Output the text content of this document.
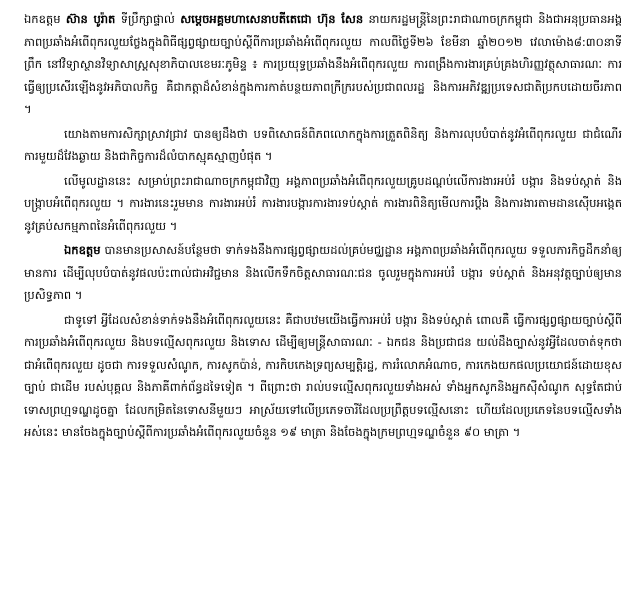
ឯកឧត្តម ស៊ាន បូរ៉ាត ទីប្រឹក្សាផ្ទាល់ សម្ដេចអគ្គមហាសេនាបតីតេជោ ហ៊ុន សែន នាយករដ្ឋមន្ត្រីនៃព្រះរាជាណាចក្រកម្ពុជា និងជាអនុប្រធានអង្គភាពប្រឆាំងអំពើពុករលួយថ្លែងក្នុងពិធីផ្សព្វផ្សាយច្បាប់ស្ដីពីការប្រឆាំងអំពើពុករលួយ កាលពីថ្ងៃទី២៦ ខែមីនា ឆ្នាំ២០១២ វេលាម៉ោង៨:៣០នាទីព្រឹក នៅវិទ្យាស្ថានវិទ្យាសាស្ត្រសុខាភិបាលខេមរៈភូមិន្ទ ៖ ការប្រយុទ្ធប្រឆាំងនឹងអំពើពុករលួយ ការពង្រឹងការងារគ្រប់គ្រងហិរញ្ញវត្ថុសាធារណៈ ការធ្វើឲ្យប្រសើរឡើងនូវអភិបាលកិច្ច គឺជាកត្តាដ៏សំខាន់ក្នុងការកាត់បន្ថយភាពក្រីក្ររបស់ប្រជាពលរដ្ឋ និងការអភិវឌ្ឍប្រទេសជាតិប្រកបដោយចីរភាព ។

យោងតាមការសិក្សាស្រាវជ្រាវ បានឲ្យដឹងថា បទពិសោធន៍ពិភពលោកក្នុងការត្រួតពិនិត្យ និងការលុបបំបាត់នូវអំពើពុករលួយ ជាជំណើរការមួយដ៏វែងឆ្ងាយ និងជាកិច្ចការដ៏លំបាកស្មុគស្មាញបំផុត ។

លើមូលដ្ឋាននេះ សម្រាប់ព្រះរាជាណាចក្រកម្ពុជាវិញ អង្គភាពប្រឆាំងអំពើពុករលួយគ្រូបដណ្ដប់លើការងារអប់រំ បង្ការ និងទប់ស្កាត់ និងបង្ក្រាបអំពើពុករលួយ ។ ការងារនេះរួមមាន ការងារអប់រំ ការងារបង្ការការងារទប់ស្កាត់ ការងារពិនិត្យមើលការប្ដឹង និងការងារតាមដានស៊ើបអង្កេតនូវគ្រប់សកម្មភាពនៃអំពើពុករលួយ ។

ឯកឧត្តម បានមានប្រសាសន៍បន្ថែមថា ទាក់ទងនឹងការផ្សព្វផ្សាយដល់គ្រប់មជ្ឈដ្ឋាន អង្គភាពប្រឆាំងអំពើពុករលួយ ទទួលភារកិច្ចដឹកនាំឲ្យមានការ ដើម្បីលុបបំបាត់នូវផលប៉ះពាល់ជាអវិជ្ជមាន និងលើកទឹកចិត្តសាធារណៈជន ចូលរួមក្នុងការអប់រំ បង្ការ ទប់ស្កាត់ និងអនុវត្តច្បាប់ឲ្យមានប្រសិទ្ធភាព ។

ជាទូទៅ អ្វីដែលសំខាន់ទាក់ទងនឹងអំពើពុករលួយនេះ គឺជាបឋមយើងធ្វើការអប់រំ បង្ការ និងទប់ស្កាត់ ពោលគឺ ធ្វើការផ្សព្វផ្សាយច្បាប់ស្ដីពីការប្រឆាំងអំពើពុករលួយ និងបទល្មើសពុករលួយ និងទោស ដើម្បីឲ្យមន្ត្រីសាធារណៈ - ឯកជន និងប្រជាជន យល់ដឹងច្បាស់នូវអ្វីដែលចាត់ទុកថាជាអំពើពុករលួយ ដូចជា ការទទួលសំណូក, ការសូកប៉ាន់, ការកិបកេងទ្រព្យសម្បត្តិរដ្ឋ, ការរំលោភអំណាច, ការកេងយកផលប្រយោជន៍ដោយខុសច្បាប់ ជាដើម របស់បុគ្គល និងភាគីពាក់ព័ន្ធដទៃទៀត ។ ពីព្រោះថា រាល់បទល្មើសពុករលួយទាំងអស់ ទាំងអ្នកសូកនិងអ្នកស៊ីសំណូក សុទ្ធតែជាប់ទោសព្រហ្មទណ្ឌដូចគ្នា ដែលកម្រិតនៃទោសនីមួយៗ អាស្រ័យទៅលើប្រភេទចារីដែលប្រព្រឹត្តបទល្មើសនោះ ហើយដែលប្រភេទនៃបទល្មើសទាំងអស់នេះ មានចែងក្នុងច្បាប់ស្ដីពីការប្រឆាំងអំពើពុករលួយចំនួន ១៩ មាត្រា និងចែងក្នុងក្រមព្រហ្មទណ្ឌចំនួន ៩០ មាត្រា ។
